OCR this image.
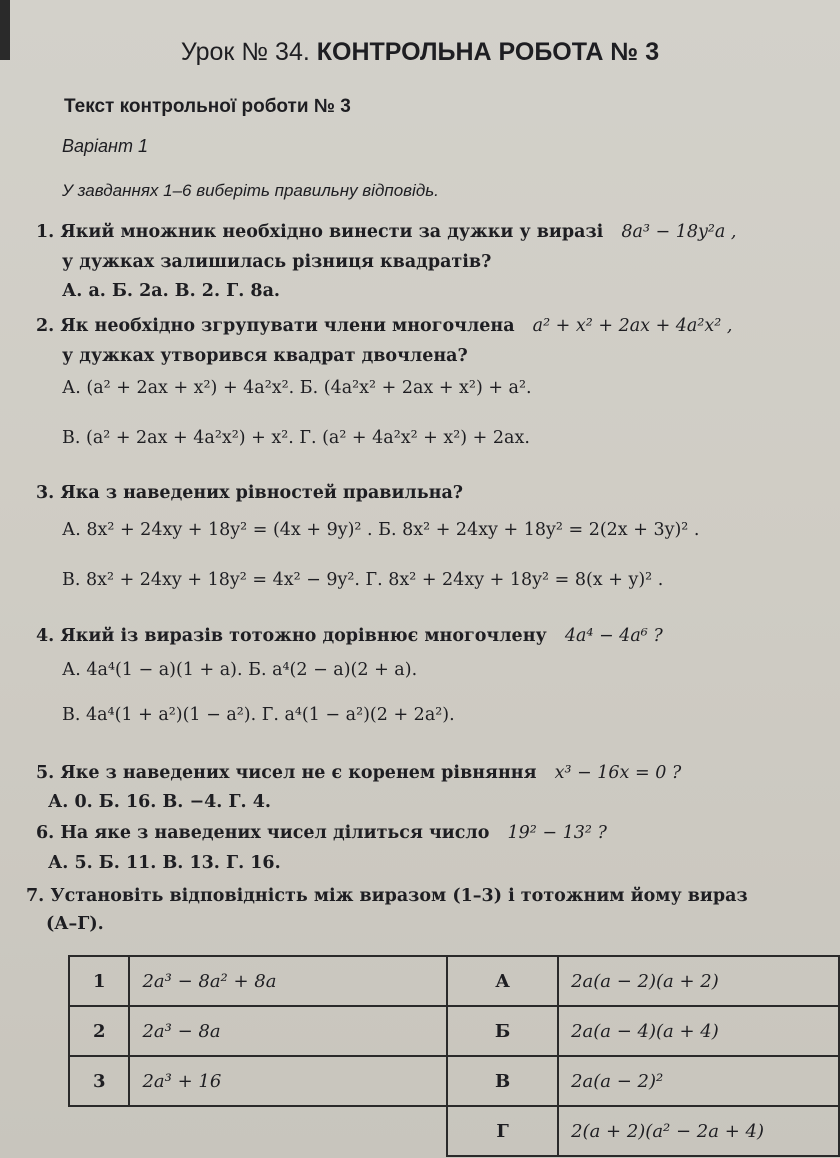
Урок № 34. КОНТРОЛЬНА РОБОТА № 3
Текст контрольної роботи № 3
Варіант 1
У завданнях 1–6 виберіть правильну відповідь.
1. Який множник необхідно винести за дужки у виразі 8a³ − 18y²a ,
у дужках залишилась різниця квадратів?
А. a. Б. 2a. В. 2. Г. 8a.
2. Як необхідно згрупувати члени многочлена a² + x² + 2ax + 4a²x² ,
у дужках утворився квадрат двочлена?
А. (a² + 2ax + x²) + 4a²x². Б. (4a²x² + 2ax + x²) + a².
В. (a² + 2ax + 4a²x²) + x². Г. (a² + 4a²x² + x²) + 2ax.
3. Яка з наведених рівностей правильна?
А. 8x² + 24xy + 18y² = (4x + 9y)² . Б. 8x² + 24xy + 18y² = 2(2x + 3y)² .
В. 8x² + 24xy + 18y² = 4x² − 9y². Г. 8x² + 24xy + 18y² = 8(x + y)² .
4. Який із виразів тотожно дорівнює многочлену 4a⁴ − 4a⁶ ?
А. 4a⁴(1 − a)(1 + a). Б. a⁴(2 − a)(2 + a).
В. 4a⁴(1 + a²)(1 − a²). Г. a⁴(1 − a²)(2 + 2a²).
5. Яке з наведених чисел не є коренем рівняння x³ − 16x = 0 ?
А. 0. Б. 16. В. −4. Г. 4.
6. На яке з наведених чисел ділиться число 19² − 13² ?
А. 5. Б. 11. В. 13. Г. 16.
7. Установіть відповідність між виразом (1–3) і тотожним йому вираз
(А–Г).
1	2a³ − 8a² + 8a	А	2a(a − 2)(a + 2)
2	2a³ − 8a	Б	2a(a − 4)(a + 4)
3	2a³ + 16	В	2a(a − 2)²
		Г	2(a + 2)(a² − 2a + 4)
